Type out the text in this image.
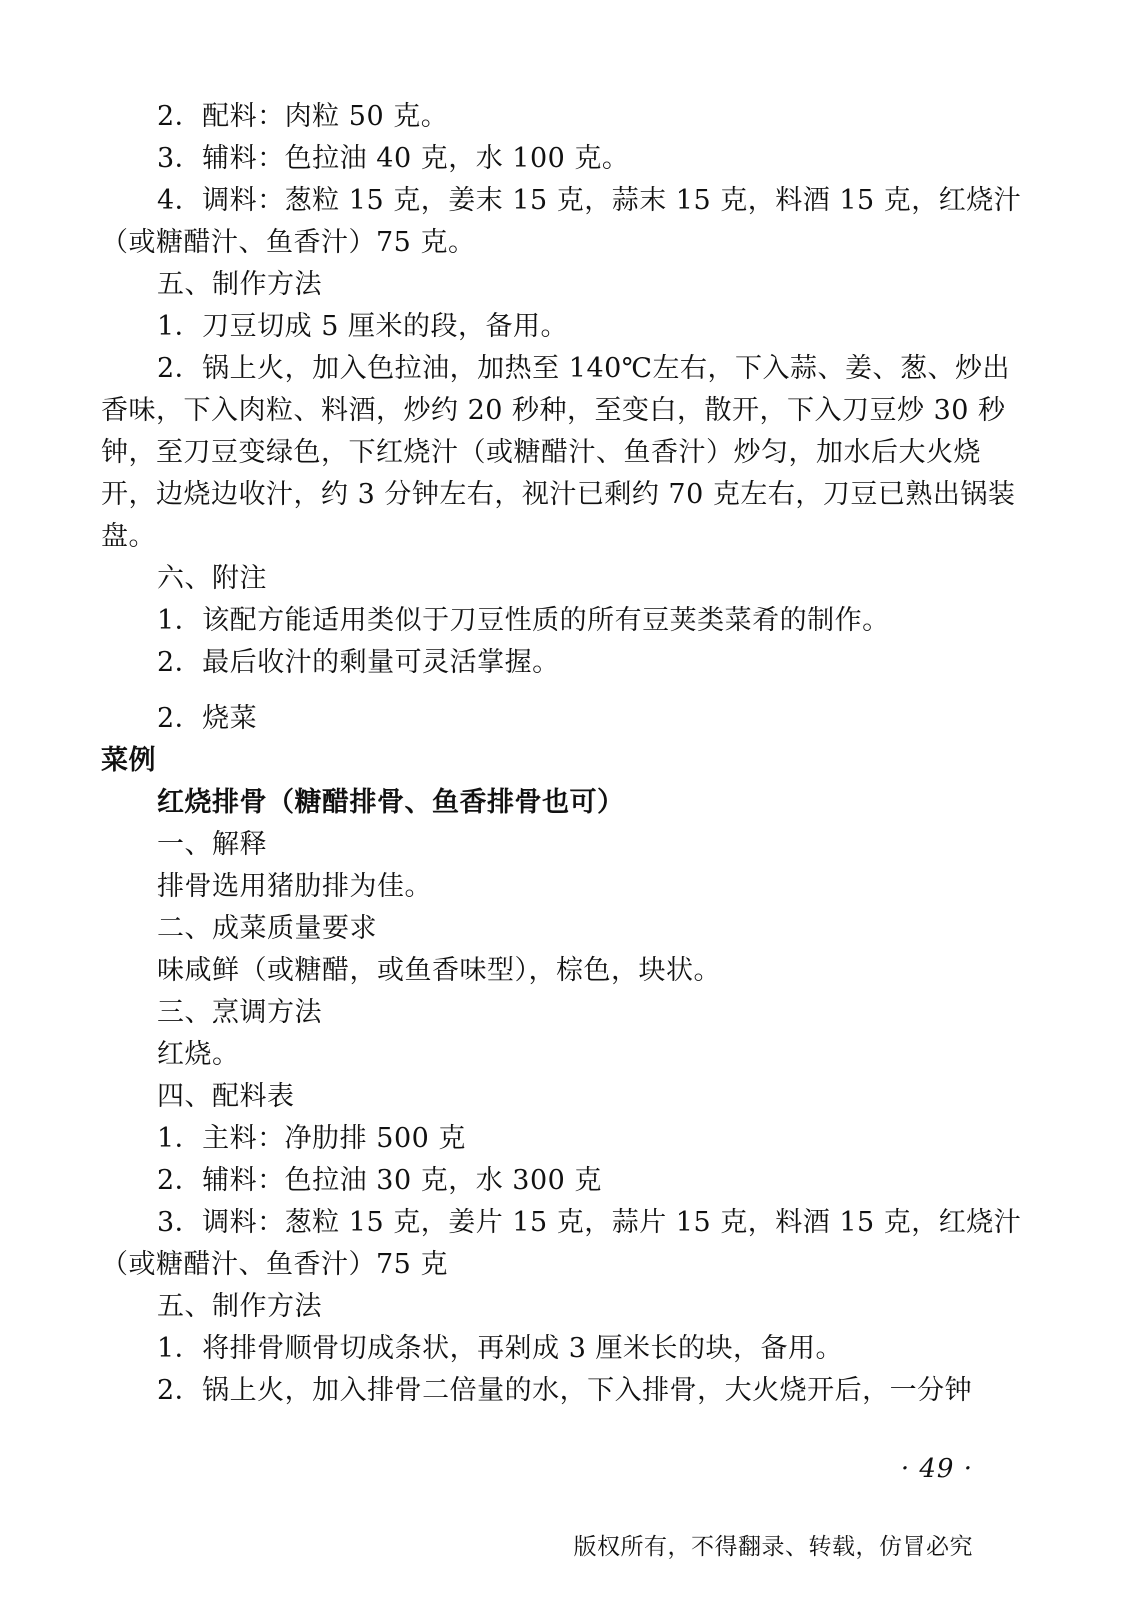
2．配料：肉粒 50 克。

3．辅料：色拉油 40 克，水 100 克。

4．调料：葱粒 15 克，姜末 15 克，蒜末 15 克，料酒 15 克，红烧汁（或糖醋汁、鱼香汁）75 克。

五、制作方法

1．刀豆切成 5 厘米的段，备用。

2．锅上火，加入色拉油，加热至 140℃左右，下入蒜、姜、葱、炒出香味，下入肉粒、料酒，炒约 20 秒种，至变白，散开，下入刀豆炒 30 秒钟，至刀豆变绿色，下红烧汁（或糖醋汁、鱼香汁）炒匀，加水后大火烧开，边烧边收汁，约 3 分钟左右，视汁已剩约 70 克左右，刀豆已熟出锅装盘。

六、附注

1．该配方能适用类似于刀豆性质的所有豆荚类菜肴的制作。

2．最后收汁的剩量可灵活掌握。

2．烧菜

菜例

红烧排骨（糖醋排骨、鱼香排骨也可）

一、解释

排骨选用猪肋排为佳。

二、成菜质量要求

味咸鲜（或糖醋，或鱼香味型），棕色，块状。

三、烹调方法

红烧。

四、配料表

1．主料：净肋排 500 克

2．辅料：色拉油 30 克，水 300 克

3．调料：葱粒 15 克，姜片 15 克，蒜片 15 克，料酒 15 克，红烧汁（或糖醋汁、鱼香汁）75 克

五、制作方法

1．将排骨顺骨切成条状，再剁成 3 厘米长的块，备用。

2．锅上火，加入排骨二倍量的水，下入排骨，大火烧开后，一分钟

· 49 ·
版权所有，不得翻录、转载，仿冒必究
